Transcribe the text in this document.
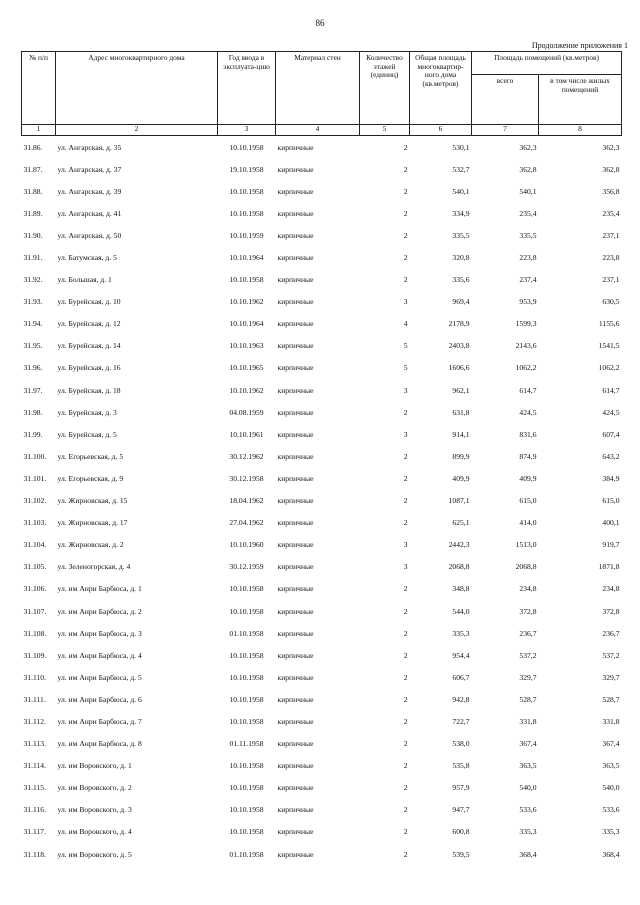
86
Продолжение приложения 1
№ п/п	Адрес многоквартирного дома	Год ввода в эксплуата-цию	Материал стен	Количество этажей (единиц)	Общая площадь многоквартир-ного дома (кв.метров)	Площадь помещений (кв.метров)	
						всего	в том числе жилых помещений
1	2	3	4	5	6	7	8
31.86.	ул. Ангарская, д. 35	10.10.1958	кирпичные	2	530,1	362,3	362,3
31.87.	ул. Ангарская, д. 37	19.10.1958	кирпичные	2	532,7	362,8	362,8
31.88.	ул. Ангарская, д. 39	10.10.1958	кирпичные	2	540,1	540,1	356,8
31.89.	ул. Ангарская, д. 41	10.10.1958	кирпичные	2	334,9	235,4	235,4
31.90.	ул. Ангарская, д. 50	10.10.1959	кирпичные	2	335,5	335,5	237,1
31.91.	ул. Батумская, д. 5	10.10.1964	кирпичные	2	320,8	223,8	223,8
31.92.	ул. Большая, д. 1	10.10.1958	кирпичные	2	335,6	237,4	237,1
31.93.	ул. Бурейская, д. 10	10.10.1962	кирпичные	3	969,4	953,9	630,5
31.94.	ул. Бурейская, д. 12	10.10.1964	кирпичные	4	2178,9	1599,3	1155,6
31.95.	ул. Бурейская, д. 14	10.10.1963	кирпичные	5	2403,8	2143,6	1541,5
31.96.	ул. Бурейская, д. 16	10.10.1965	кирпичные	5	1606,6	1062,2	1062,2
31.97.	ул. Бурейская, д. 18	10.10.1962	кирпичные	3	962,1	614,7	614,7
31.98.	ул. Бурейская, д. 3	04.08.1959	кирпичные	2	631,8	424,5	424,5
31.99.	ул. Бурейская, д. 5	10.10.1961	кирпичные	3	914,1	831,6	607,4
31.100.	ул. Егорьевская, д. 5	30.12.1962	кирпичные	2	899,9	874,9	643,2
31.101.	ул. Егорьевская, д. 9	30.12.1958	кирпичные	2	409,9	409,9	384,9
31.102.	ул. Жирновская, д. 15	18.04.1962	кирпичные	2	1087,1	615,0	615,0
31.103.	ул. Жирновская, д. 17	27.04.1962	кирпичные	2	625,1	414,0	400,1
31.104.	ул. Жирновская, д. 2	10.10.1960	кирпичные	3	2442,3	1513,0	919,7
31.105.	ул. Зеленогорская, д. 4	30.12.1959	кирпичные	3	2068,8	2068,8	1871,8
31.106.	ул. им Анри Барбюса, д. 1	10.10.1958	кирпичные	2	348,8	234,8	234,8
31.107.	ул. им Анри Барбюса, д. 2	10.10.1958	кирпичные	2	544,0	372,8	372,8
31.108.	ул. им Анри Барбюса, д. 3	01.10.1958	кирпичные	2	335,3	236,7	236,7
31.109.	ул. им Анри Барбюса, д. 4	10.10.1958	кирпичные	2	954,4	537,2	537,2
31.110.	ул. им Анри Барбюса, д. 5	10.10.1958	кирпичные	2	606,7	329,7	329,7
31.111.	ул. им Анри Барбюса, д. 6	10.10.1958	кирпичные	2	942,8	528,7	528,7
31.112.	ул. им Анри Барбюса, д. 7	10.10.1958	кирпичные	2	722,7	331,8	331,8
31.113.	ул. им Анри Барбюса, д. 8	01.11.1958	кирпичные	2	538,0	367,4	367,4
31.114.	ул. им Воровского, д. 1	10.10.1958	кирпичные	2	535,8	363,5	363,5
31.115.	ул. им Воровского, д. 2	10.10.1958	кирпичные	2	957,9	540,0	540,0
31.116.	ул. им Воровского, д. 3	10.10.1958	кирпичные	2	947,7	533,6	533,6
31.117.	ул. им Воровского, д. 4	10.10.1958	кирпичные	2	600,8	335,3	335,3
31.118.	ул. им Воровского, д. 5	01.10.1958	кирпичные	2	539,5	368,4	368,4
